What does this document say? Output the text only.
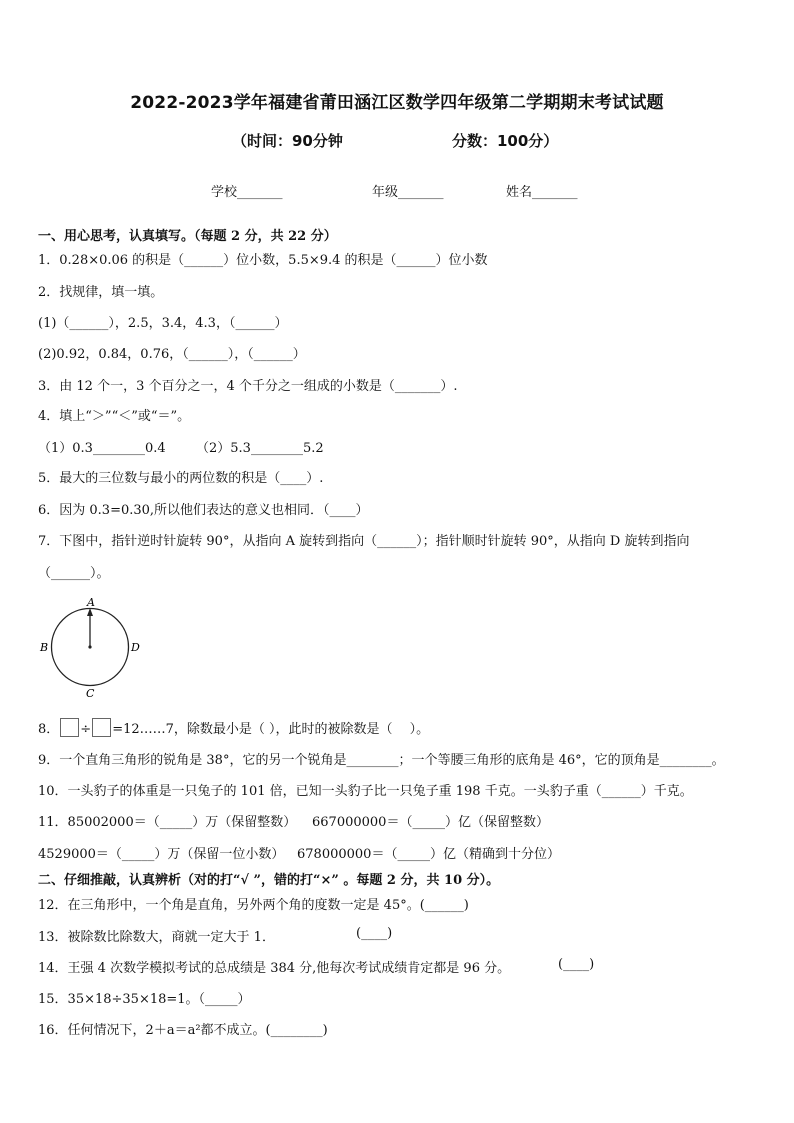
2022-2023学年福建省莆田涵江区数学四年级第二学期期末考试试题
（时间：90分钟	分数：100分）
学校_______	年级_______	姓名_______
一、用心思考，认真填写。（每题 2 分，共 22 分）
1．0.28×0.06 的积是（______）位小数，5.5×9.4 的积是（______）位小数
2．找规律，填一填。
(1)（______），2.5，3.4，4.3，（______）
(2)0.92，0.84，0.76，（______），（______）
3．由 12 个一，3 个百分之一，4 个千分之一组成的小数是（_______）.
4．填上“＞”“＜”或“＝”。
（1）0.3________0.4 （2）5.3________5.2
5．最大的三位数与最小的两位数的积是（____）.
6．因为 0.3=0.30,所以他们表达的意义也相同．（____）
7．下图中，指针逆时针旋转 90°，从指向 A 旋转到指向（______）；指针顺时针旋转 90°，从指向 D 旋转到指向
（______）。
A
B
C
D
8． ÷ =12……7，除数最小是（ ），此时的被除数是（　 ）。
9．一个直角三角形的锐角是 38°，它的另一个锐角是________；一个等腰三角形的底角是 46°，它的顶角是________。
10．一头豹子的体重是一只兔子的 101 倍，已知一头豹子比一只兔子重 198 千克。一头豹子重（______）千克。
11．85002000＝（_____）万（保留整数） 667000000＝（_____）亿（保留整数）
4529000＝（_____）万（保留一位小数） 678000000＝（_____）亿（精确到十分位）
二、仔细推敲，认真辨析（对的打“√ ”，错的打“×” 。每题 2 分，共 10 分）。
12．在三角形中，一个角是直角，另外两个角的度数一定是 45°。(______)
13．被除数比除数大，商就一定大于 1．	(____)
14．王强 4 次数学模拟考试的总成绩是 384 分,他每次考试成绩肯定都是 96 分。	(____)
15．35×18÷35×18=1。（_____）
16．任何情况下，2＋a＝a²都不成立。(________)
